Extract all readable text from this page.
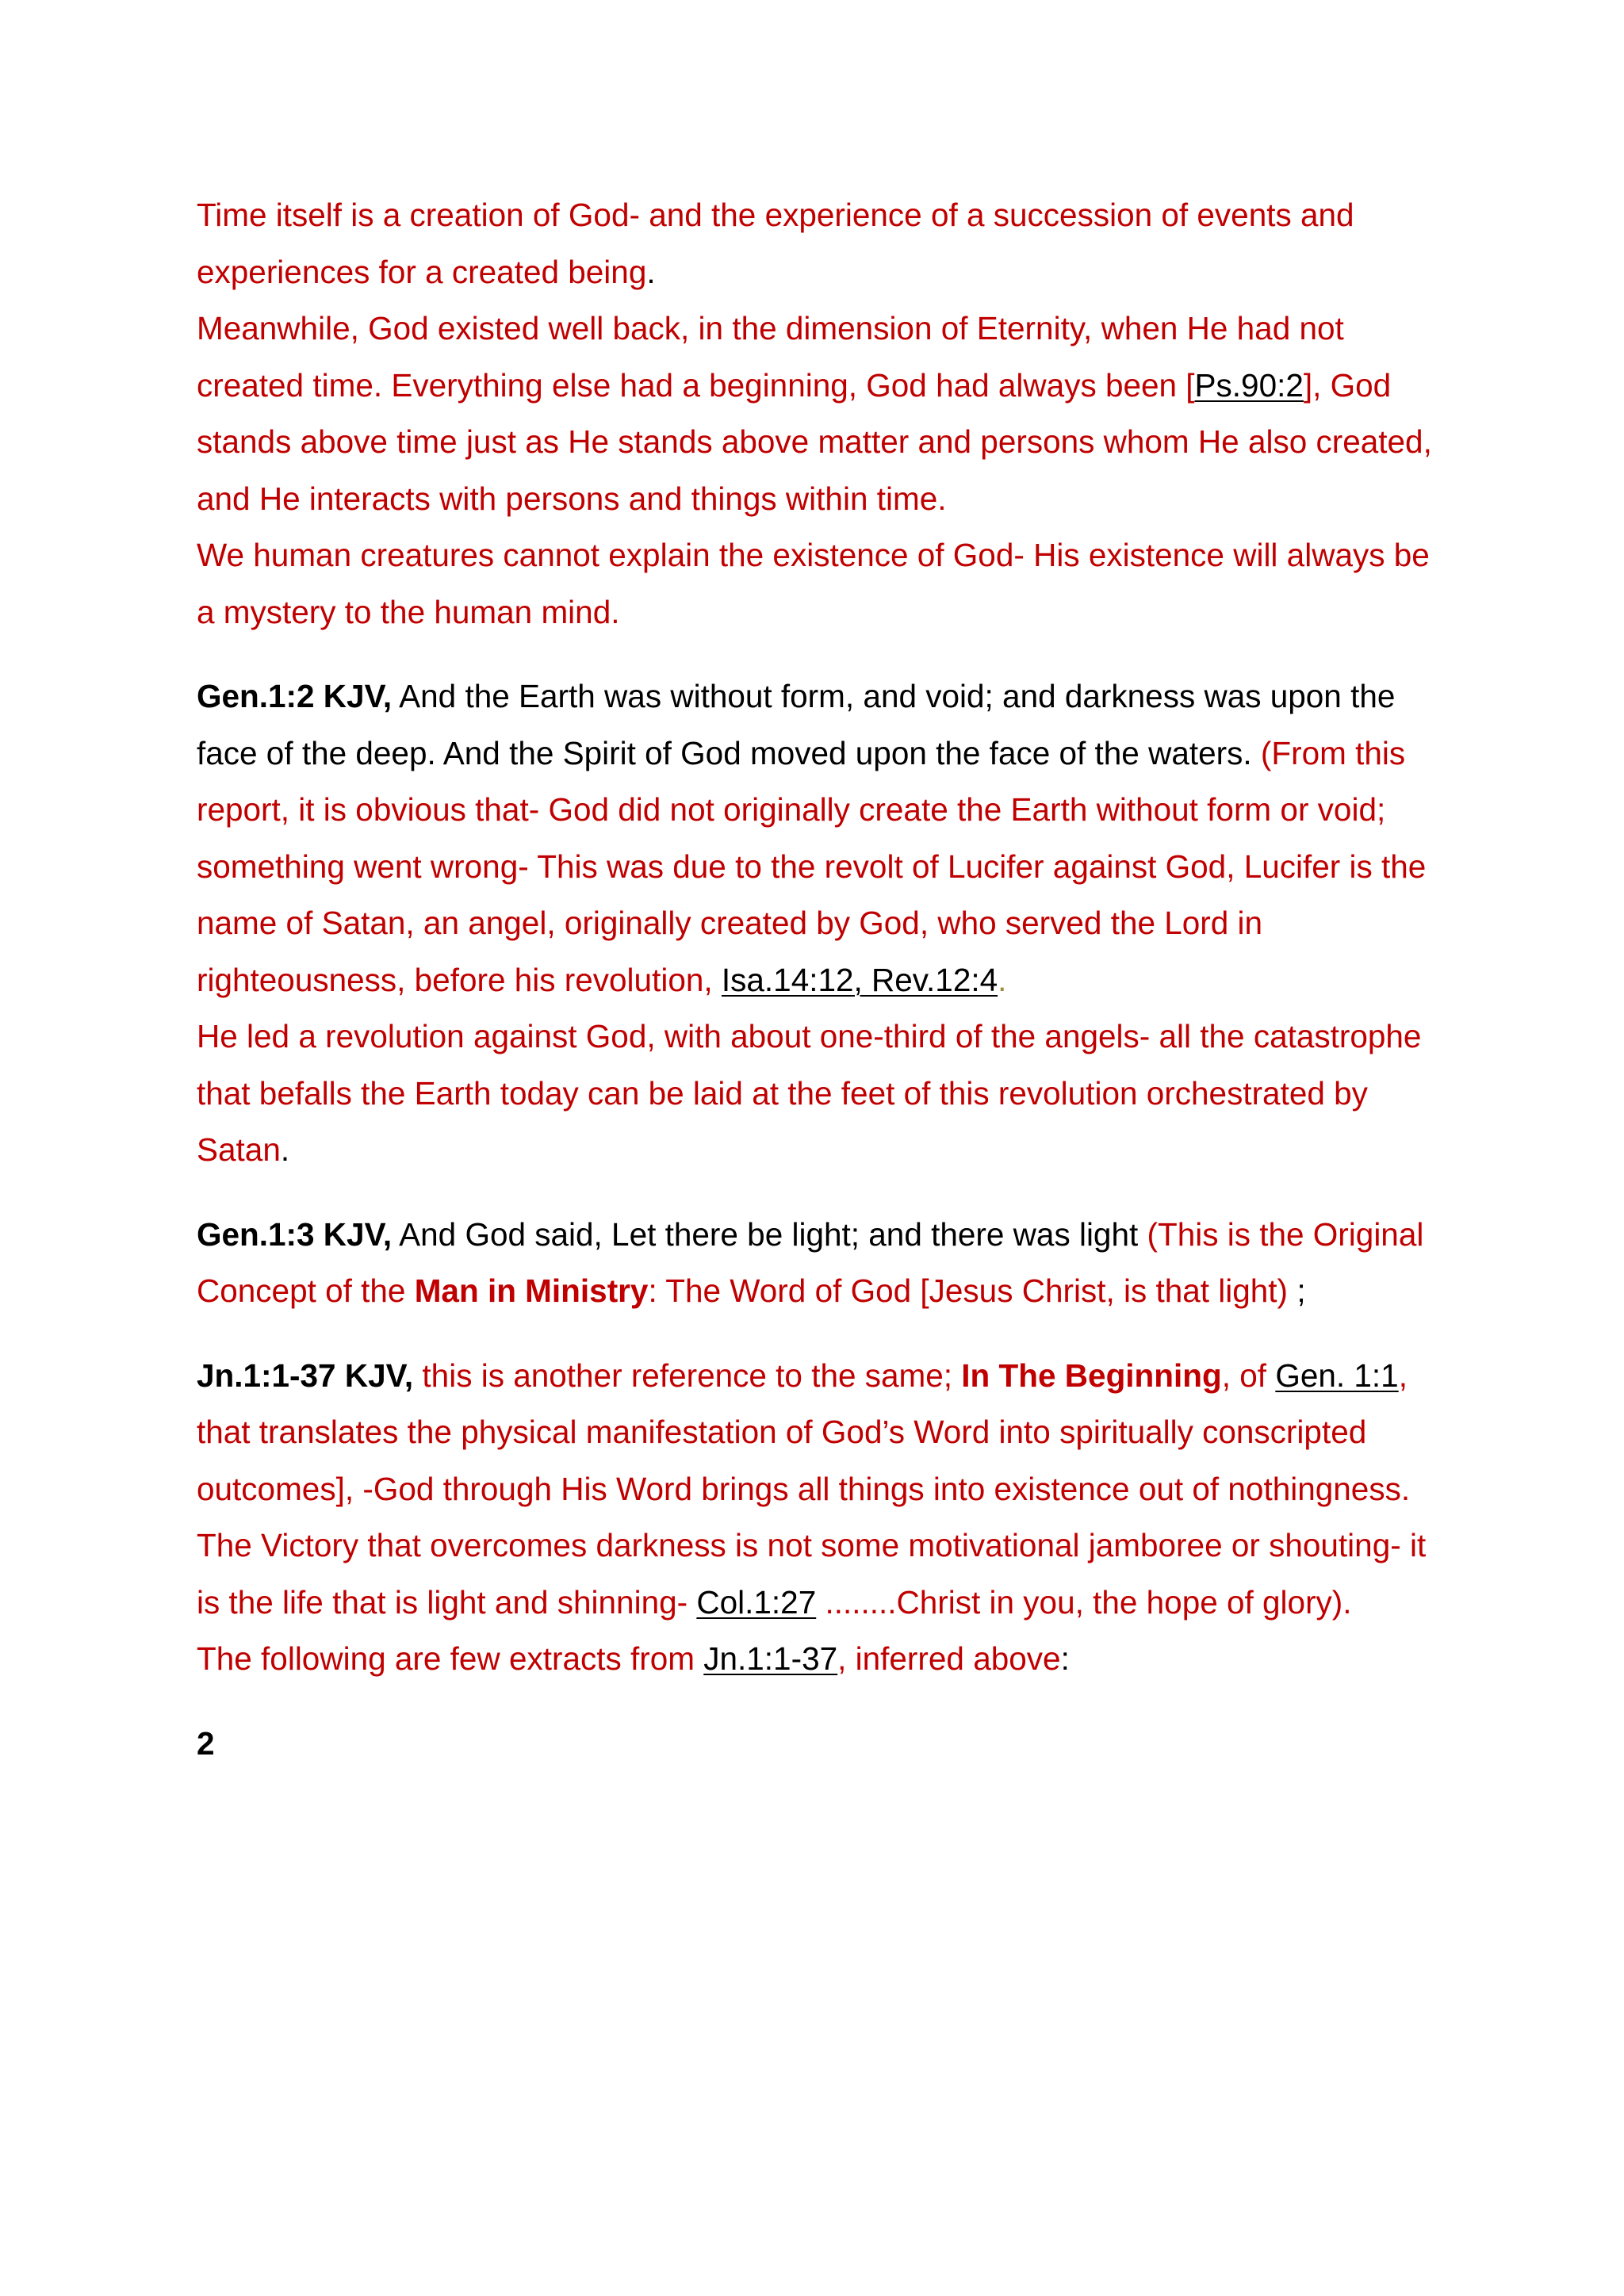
Time itself is a creation of God- and the experience of a succession of events and experiences for a created being.
Meanwhile, God existed well back, in the dimension of Eternity, when He had not created time. Everything else had a beginning, God had always been [Ps.90:2], God stands above time just as He stands above matter and persons whom He also created, and He interacts with persons and things within time.
We human creatures cannot explain the existence of God- His existence will always be a mystery to the human mind.
Gen.1:2 KJV, And the Earth was without form, and void; and darkness was upon the face of the deep. And the Spirit of God moved upon the face of the waters. (From this report, it is obvious that- God did not originally create the Earth without form or void; something went wrong- This was due to the revolt of Lucifer against God, Lucifer is the name of Satan, an angel, originally created by God, who served the Lord in righteousness, before his revolution, Isa.14:12, Rev.12:4.
He led a revolution against God, with about one-third of the angels- all the catastrophe that befalls the Earth today can be laid at the feet of this revolution orchestrated by Satan.
Gen.1:3 KJV, And God said, Let there be light; and there was light (This is the Original Concept of the Man in Ministry: The Word of God [Jesus Christ, is that light) ;
Jn.1:1-37 KJV, this is another reference to the same; In The Beginning, of Gen. 1:1, that translates the physical manifestation of God’s Word into spiritually conscripted outcomes], -God through His Word brings all things into existence out of nothingness.
The Victory that overcomes darkness is not some motivational jamboree or shouting- it is the life that is light and shinning- Col.1:27 ........Christ in you, the hope of glory).
The following are few extracts from Jn.1:1-37, inferred above:
2
